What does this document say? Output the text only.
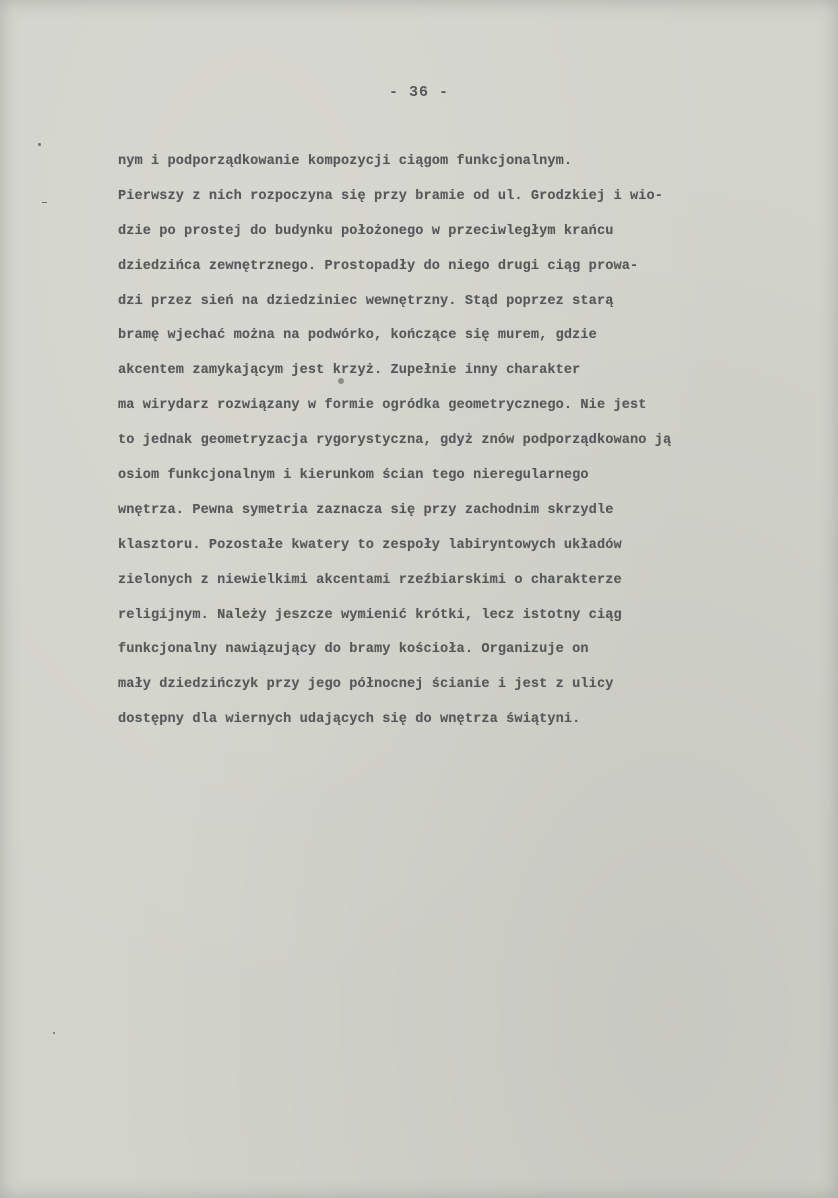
- 36 -
nym i podporządkowanie kompozycji ciągom funkcjonalnym.
Pierwszy z nich rozpoczyna się przy bramie od ul. Grodzkiej i wio-
dzie po prostej do budynku położonego w przeciwległym krańcu
dziedzińca zewnętrznego. Prostopadły do niego drugi ciąg prowa-
dzi przez sień na dziedziniec wewnętrzny. Stąd poprzez starą
bramę wjechać można na podwórko, kończące się murem, gdzie
akcentem zamykającym jest krzyż. Zupełnie inny charakter
ma wirydarz rozwiązany w formie ogródka geometrycznego. Nie jest
to jednak geometryzacja rygorystyczna, gdyż znów podporządkowano ją
osiom funkcjonalnym i kierunkom ścian tego nieregularnego
wnętrza. Pewna symetria zaznacza się przy zachodnim skrzydle
klasztoru. Pozostałe kwatery to zespoły labiryntowych układów
zielonych z niewielkimi akcentami rzeźbiarskimi o charakterze
religijnym. Należy jeszcze wymienić krótki, lecz istotny ciąg
funkcjonalny nawiązujący do bramy kościoła. Organizuje on
mały dziedzińczyk przy jego północnej ścianie i jest z ulicy
dostępny dla wiernych udających się do wnętrza świątyni.
